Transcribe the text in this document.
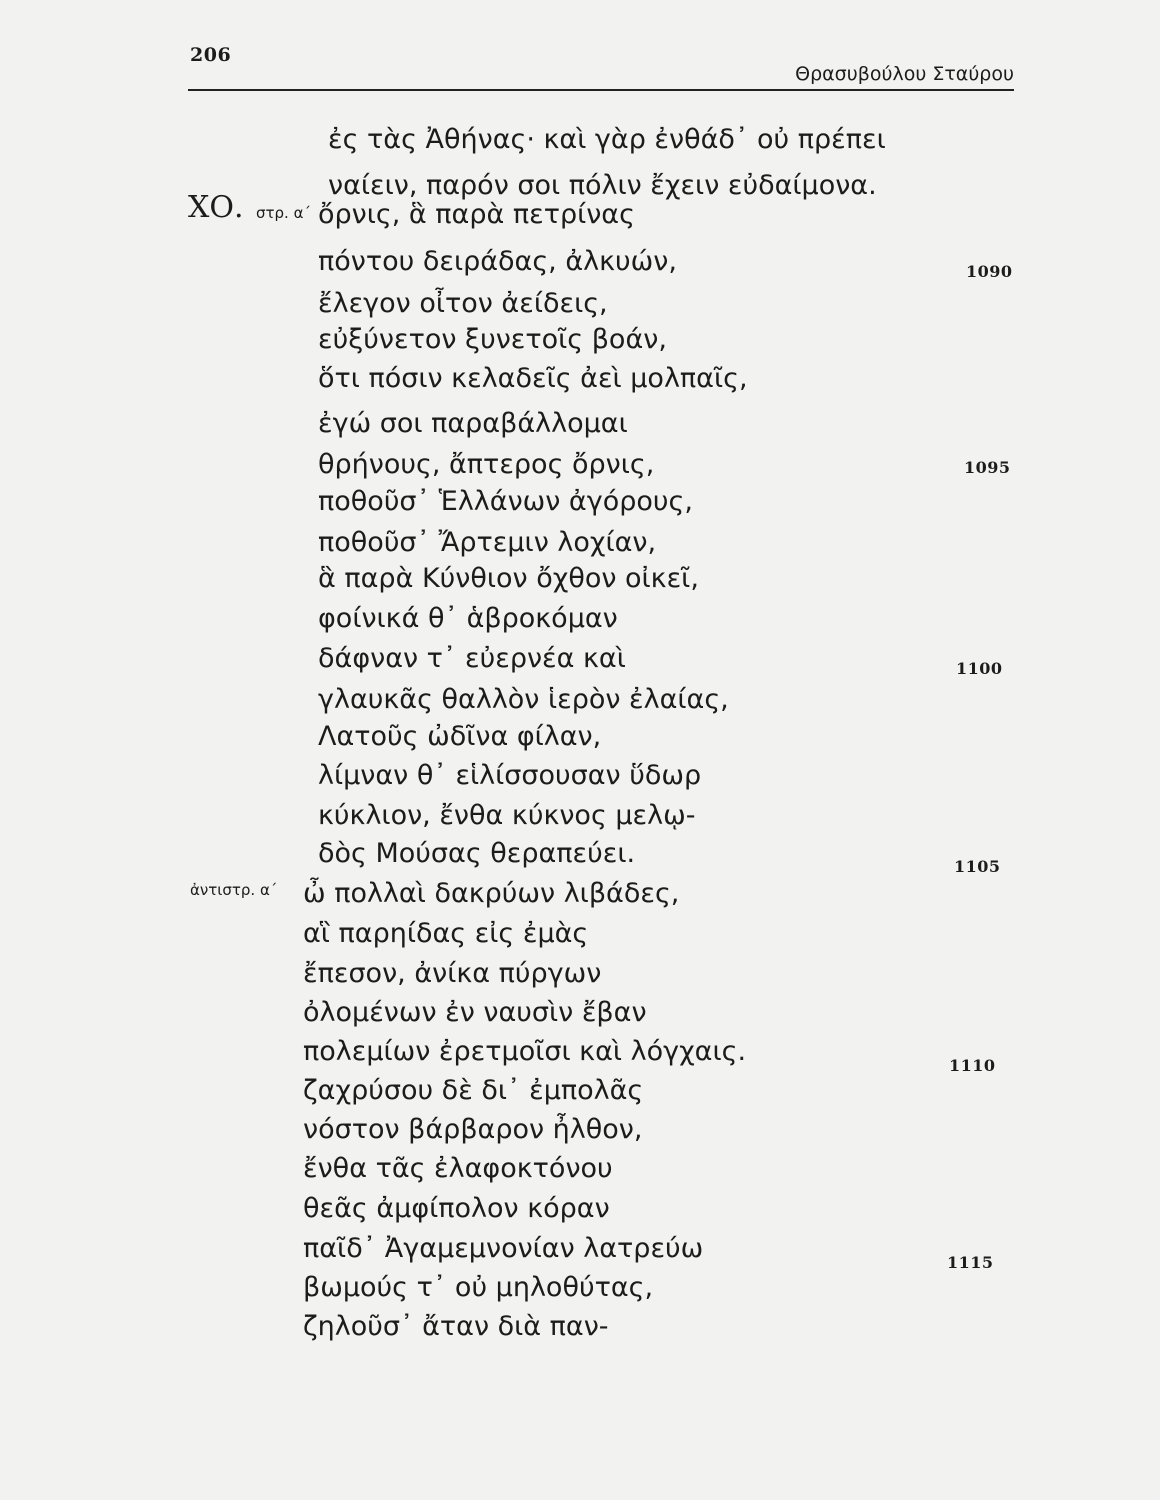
206
Θρασυβούλου Σταύρου
ΧΟ. στρ. α΄
ἀντιστρ. α΄
ἐς τὰς Ἀθήνας· καὶ γὰρ ἐνθάδ᾽ οὐ πρέπει
ναίειν, παρόν σοι πόλιν ἔχειν εὐδαίμονα.
ὄρνις, ἃ παρὰ πετρίνας
πόντου δειράδας, ἀλκυών,
ἔλεγον οἶτον ἀείδεις,
εὐξύνετον ξυνετοῖς βοάν,
ὅτι πόσιν κελαδεῖς ἀεὶ μολπαῖς,
ἐγώ σοι παραβάλλομαι
θρήνους, ἄπτερος ὄρνις,
ποθοῦσ᾽ Ἑλλάνων ἀγόρους,
ποθοῦσ᾽ Ἄρτεμιν λοχίαν,
ἃ παρὰ Κύνθιον ὄχθον οἰκεῖ,
φοίνικά θ᾽ ἁβροκόμαν
δάφναν τ᾽ εὐερνέα καὶ
γλαυκᾶς θαλλὸν ἱερὸν ἐλαίας,
Λατοῦς ὠδῖνα φίλαν,
λίμναν θ᾽ εἱλίσσουσαν ὕδωρ
κύκλιον, ἔνθα κύκνος μελῳ-
δὸς Μούσας θεραπεύει.
ὦ πολλαὶ δακρύων λιβάδες,
αἳ παρηίδας εἰς ἐμὰς
ἔπεσον, ἀνίκα πύργων
ὀλομένων ἐν ναυσὶν ἔβαν
πολεμίων ἐρετμοῖσι καὶ λόγχαις.
ζαχρύσου δὲ δι᾽ ἐμπολᾶς
νόστον βάρβαρον ἦλθον,
ἔνθα τᾶς ἐλαφοκτόνου
θεᾶς ἀμφίπολον κόραν
παῖδ᾽ Ἀγαμεμνονίαν λατρεύω
βωμούς τ᾽ οὐ μηλοθύτας,
ζηλοῦσ᾽ ἄταν διὰ παν-
1090
1095
1100
1105
1110
1115
